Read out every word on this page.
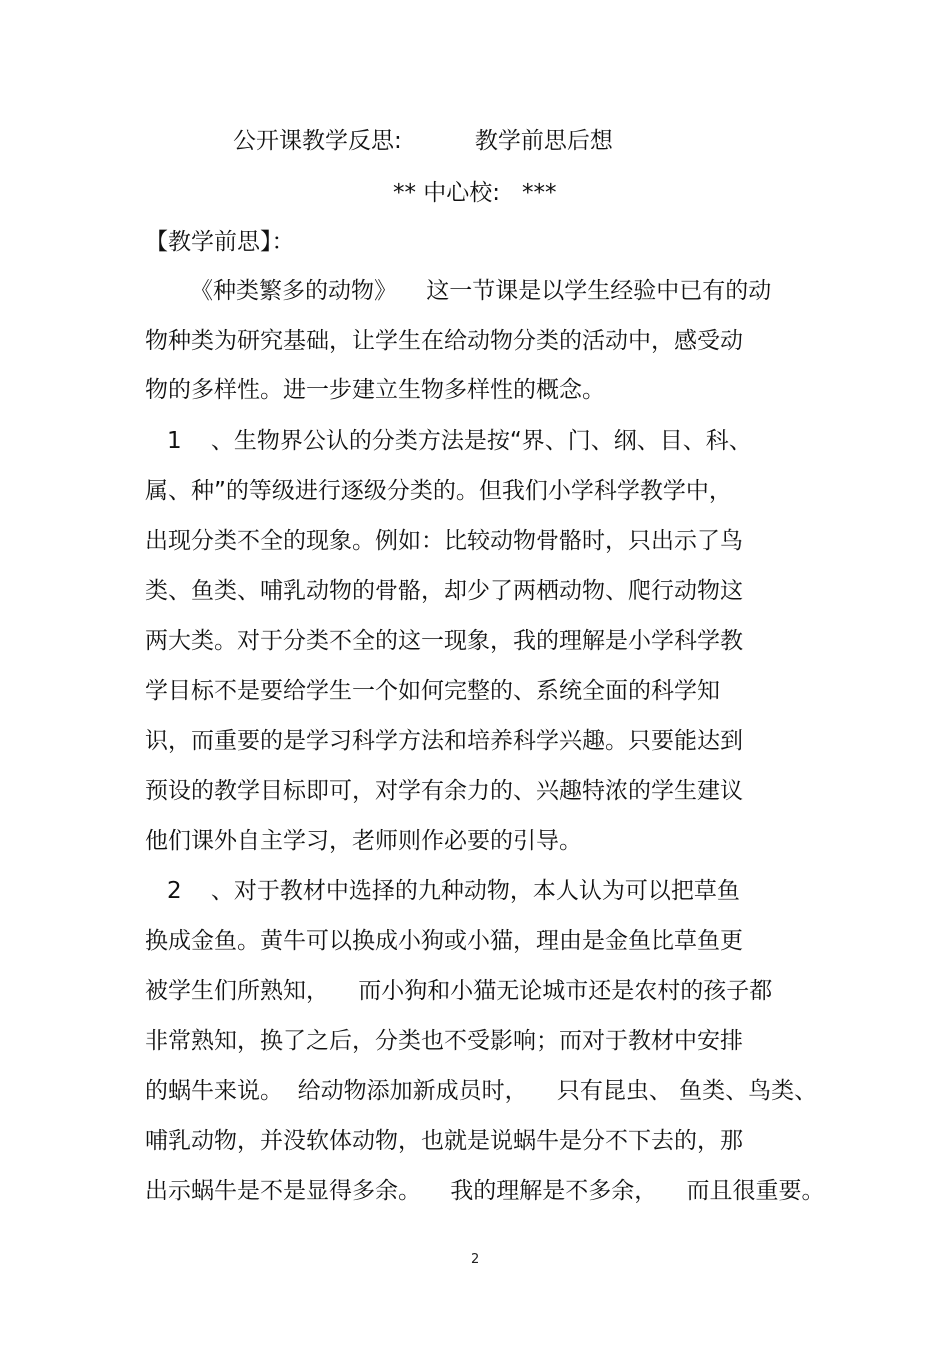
公开课教学反思:          教学前思后想
** 中心校:   ***
【教学前思】：
《种类繁多的动物》    这一节课是以学生经验中已有的动
物种类为研究基础，让学生在给动物分类的活动中，感受动
物的多样性。进一步建立生物多样性的概念。
1    、生物界公认的分类方法是按“界、门、纲、目、科、
属、种”的等级进行逐级分类的。但我们小学科学教学中，
出现分类不全的现象。例如：比较动物骨骼时，只出示了鸟
类、鱼类、哺乳动物的骨骼，却少了两栖动物、爬行动物这
两大类。对于分类不全的这一现象，我的理解是小学科学教
学目标不是要给学生一个如何完整的、系统全面的科学知
识，而重要的是学习科学方法和培养科学兴趣。只要能达到
预设的教学目标即可，对学有余力的、兴趣特浓的学生建议
他们课外自主学习，老师则作必要的引导。
2    、对于教材中选择的九种动物，本人认为可以把草鱼
换成金鱼。黄牛可以换成小狗或小猫，理由是金鱼比草鱼更
被学生们所熟知，    而小狗和小猫无论城市还是农村的孩子都
非常熟知，换了之后，分类也不受影响；而对于教材中安排
的蜗牛来说。  给动物添加新成员时，    只有昆虫、 鱼类、鸟类、
哺乳动物，并没软体动物，也就是说蜗牛是分不下去的，那
出示蜗牛是不是显得多余。    我的理解是不多余，    而且很重要。
2
